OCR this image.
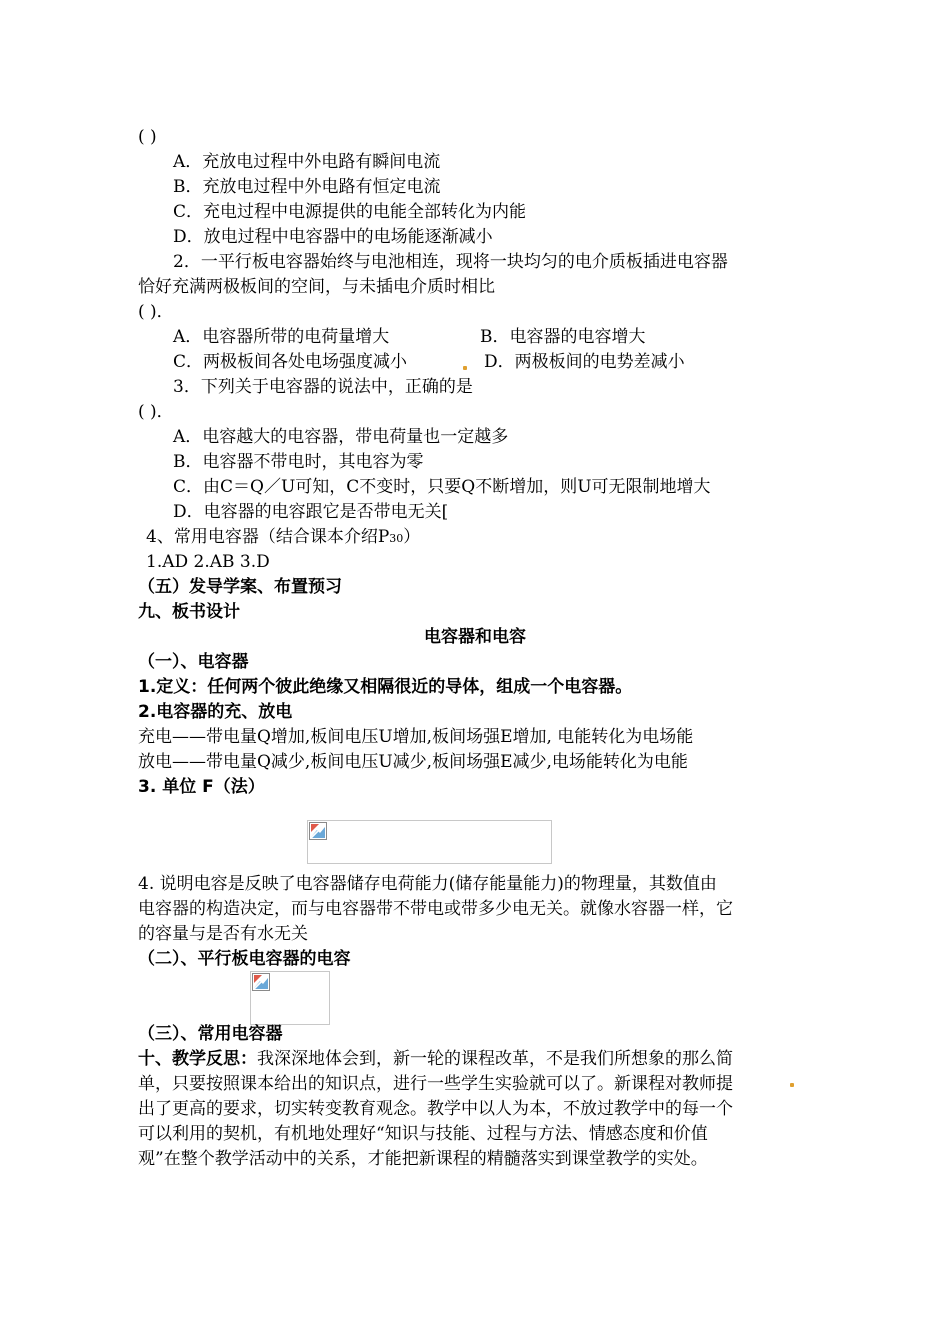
( )
A．充放电过程中外电路有瞬间电流
B．充放电过程中外电路有恒定电流
C．充电过程中电源提供的电能全部转化为内能
D．放电过程中电容器中的电场能逐渐减小
2．一平行板电容器始终与电池相连，现将一块均匀的电介质板插进电容器
恰好充满两极板间的空间，与未插电介质时相比
( )．
A．电容器所带的电荷量增大	B．电容器的电容增大
C．两极板间各处电场强度减小	D．两极板间的电势差减小
3．下列关于电容器的说法中，正确的是
( )．
A．电容越大的电容器，带电荷量也一定越多
B．电容器不带电时，其电容为零
C．由C＝Q／U可知，C不变时，只要Q不断增加，则U可无限制地增大
D．电容器的电容跟它是否带电无关[
4、常用电容器（结合课本介绍P30）
1.AD 2.AB 3.D
（五）发导学案、布置预习
九、板书设计
电容器和电容
（一）、电容器
1.定义：任何两个彼此绝缘又相隔很近的导体，组成一个电容器。
2.电容器的充、放电
充电——带电量Q增加,板间电压U增加,板间场强E增加, 电能转化为电场能
放电——带电量Q减少,板间电压U减少,板间场强E减少,电场能转化为电能
3. 单位 F（法）
4. 说明电容是反映了电容器储存电荷能力(储存能量能力)的物理量，其数值由
电容器的构造决定，而与电容器带不带电或带多少电无关。就像水容器一样，它
的容量与是否有水无关
（二）、平行板电容器的电容
（三）、常用电容器
十、教学反思：我深深地体会到，新一轮的课程改革，不是我们所想象的那么简
单，只要按照课本给出的知识点，进行一些学生实验就可以了。新课程对教师提
出了更高的要求，切实转变教育观念。教学中以人为本，不放过教学中的每一个
可以利用的契机，有机地处理好“知识与技能、过程与方法、情感态度和价值
观”在整个教学活动中的关系，才能把新课程的精髓落实到课堂教学的实处。
